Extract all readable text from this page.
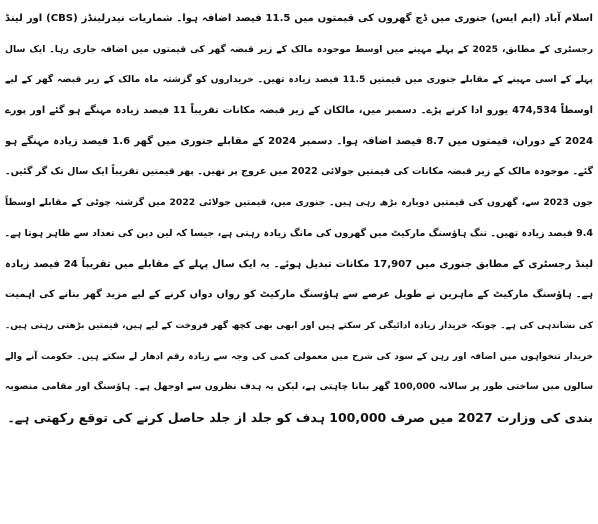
اسلام آباد (ایم ایس) جنوری میں ڈچ گھروں کی قیمتوں میں 11.5 فیصد اضافہ ہوا۔ شماریات نیدرلینڈز (CBS) اور لینڈ
رجسٹری کے مطابق، 2025 کے پہلے مہینے میں اوسط موجودہ مالک کے زیر قبضہ گھر کی قیمتوں میں اضافہ جاری رہا۔ ایک سال
پہلے کے اسی مہینے کے مقابلے جنوری میں قیمتیں 11.5 فیصد زیادہ تھیں۔ خریداروں کو گزشتہ ماہ مالک کے زیر قبضہ گھر کے لیے
اوسطاً 474,534 یورو ادا کرنے پڑے۔ دسمبر میں، مالکان کے زیر قبضہ مکانات تقریباً 11 فیصد زیادہ مہنگے ہو گئے اور پورے
2024 کے دوران، قیمتوں میں 8.7 فیصد اضافہ ہوا۔ دسمبر 2024 کے مقابلے جنوری میں گھر 1.6 فیصد زیادہ مہنگے ہو
گئے۔ موجودہ مالک کے زیر قبضہ مکانات کی قیمتیں جولائی 2022 میں عروج پر تھیں۔ پھر قیمتیں تقریباً ایک سال تک گر گئیں۔
جون 2023 سے، گھروں کی قیمتیں دوبارہ بڑھ رہی ہیں۔ جنوری میں، قیمتیں جولائی 2022 میں گزشتہ چوٹی کے مقابلے اوسطاً
9.4 فیصد زیادہ تھیں۔ تنگ ہاؤسنگ مارکیٹ میں گھروں کی مانگ زیادہ رہتی ہے، جیسا کہ لین دین کی تعداد سے ظاہر ہوتا ہے۔
لینڈ رجسٹری کے مطابق جنوری میں 17,907 مکانات تبدیل ہوئے۔ یہ ایک سال پہلے کے مقابلے میں تقریباً 24 فیصد زیادہ
ہے۔ ہاؤسنگ مارکیٹ کے ماہرین نے طویل عرصے سے ہاؤسنگ مارکیٹ کو رواں دواں کرنے کے لیے مزید گھر بنانے کی اہمیت
کی نشاندہی کی ہے۔ چونکہ خریدار زیادہ ادائیگی کر سکتے ہیں اور ابھی بھی کچھ گھر فروخت کے لیے ہیں، قیمتیں بڑھتی رہتی ہیں۔
خریدار تنخواہوں میں اضافہ اور رہن کے سود کی شرح میں معمولی کمی کی وجہ سے زیادہ رقم ادھار لے سکتے ہیں۔ حکومت آنے والے
سالوں میں ساختی طور پر سالانہ 100,000 گھر بنانا چاہتی ہے، لیکن یہ ہدف نظروں سے اوجھل ہے۔ ہاؤسنگ اور مقامی منصوبہ
بندی کی وزارت 2027 میں صرف 100,000 ہدف کو جلد از جلد حاصل کرنے کی توقع رکھتی ہے۔
